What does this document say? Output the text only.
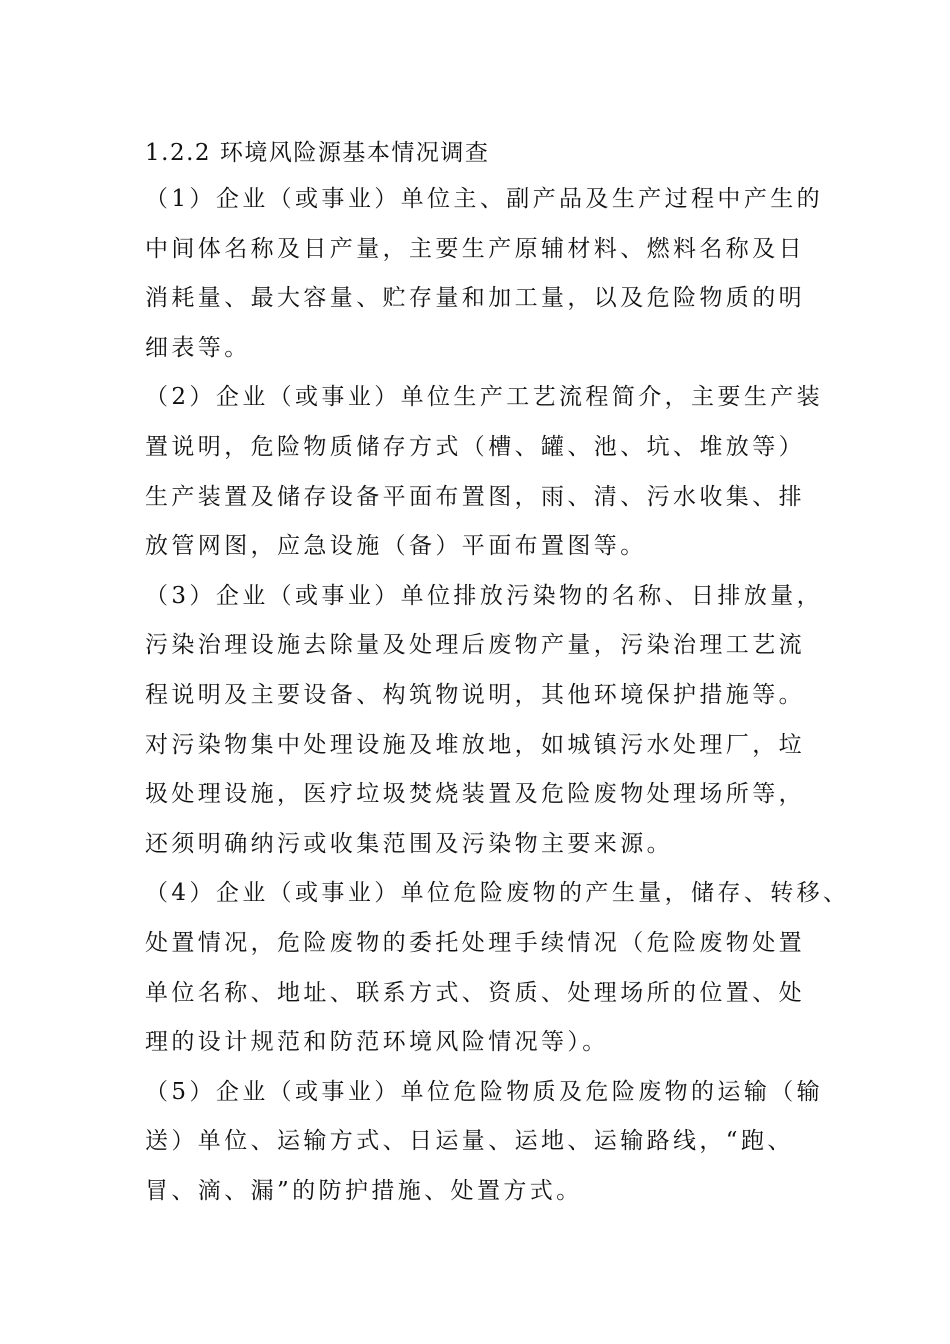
1.2.2 环境风险源基本情况调查
（1）企业（或事业）单位主、副产品及生产过程中产生的
中间体名称及日产量，主要生产原辅材料、燃料名称及日
消耗量、最大容量、贮存量和加工量，以及危险物质的明
细表等。
（2）企业（或事业）单位生产工艺流程简介，主要生产装
置说明，危险物质储存方式（槽、罐、池、坑、堆放等）
生产装置及储存设备平面布置图，雨、清、污水收集、排
放管网图，应急设施（备）平面布置图等。
（3）企业（或事业）单位排放污染物的名称、日排放量，
污染治理设施去除量及处理后废物产量，污染治理工艺流
程说明及主要设备、构筑物说明，其他环境保护措施等。
对污染物集中处理设施及堆放地，如城镇污水处理厂，垃
圾处理设施，医疗垃圾焚烧装置及危险废物处理场所等，
还须明确纳污或收集范围及污染物主要来源。
（4）企业（或事业）单位危险废物的产生量，储存、转移、
处置情况，危险废物的委托处理手续情况（危险废物处置
单位名称、地址、联系方式、资质、处理场所的位置、处
理的设计规范和防范环境风险情况等）。
（5）企业（或事业）单位危险物质及危险废物的运输（输
送）单位、运输方式、日运量、运地、运输路线，“跑、
冒、滴、漏”的防护措施、处置方式。
